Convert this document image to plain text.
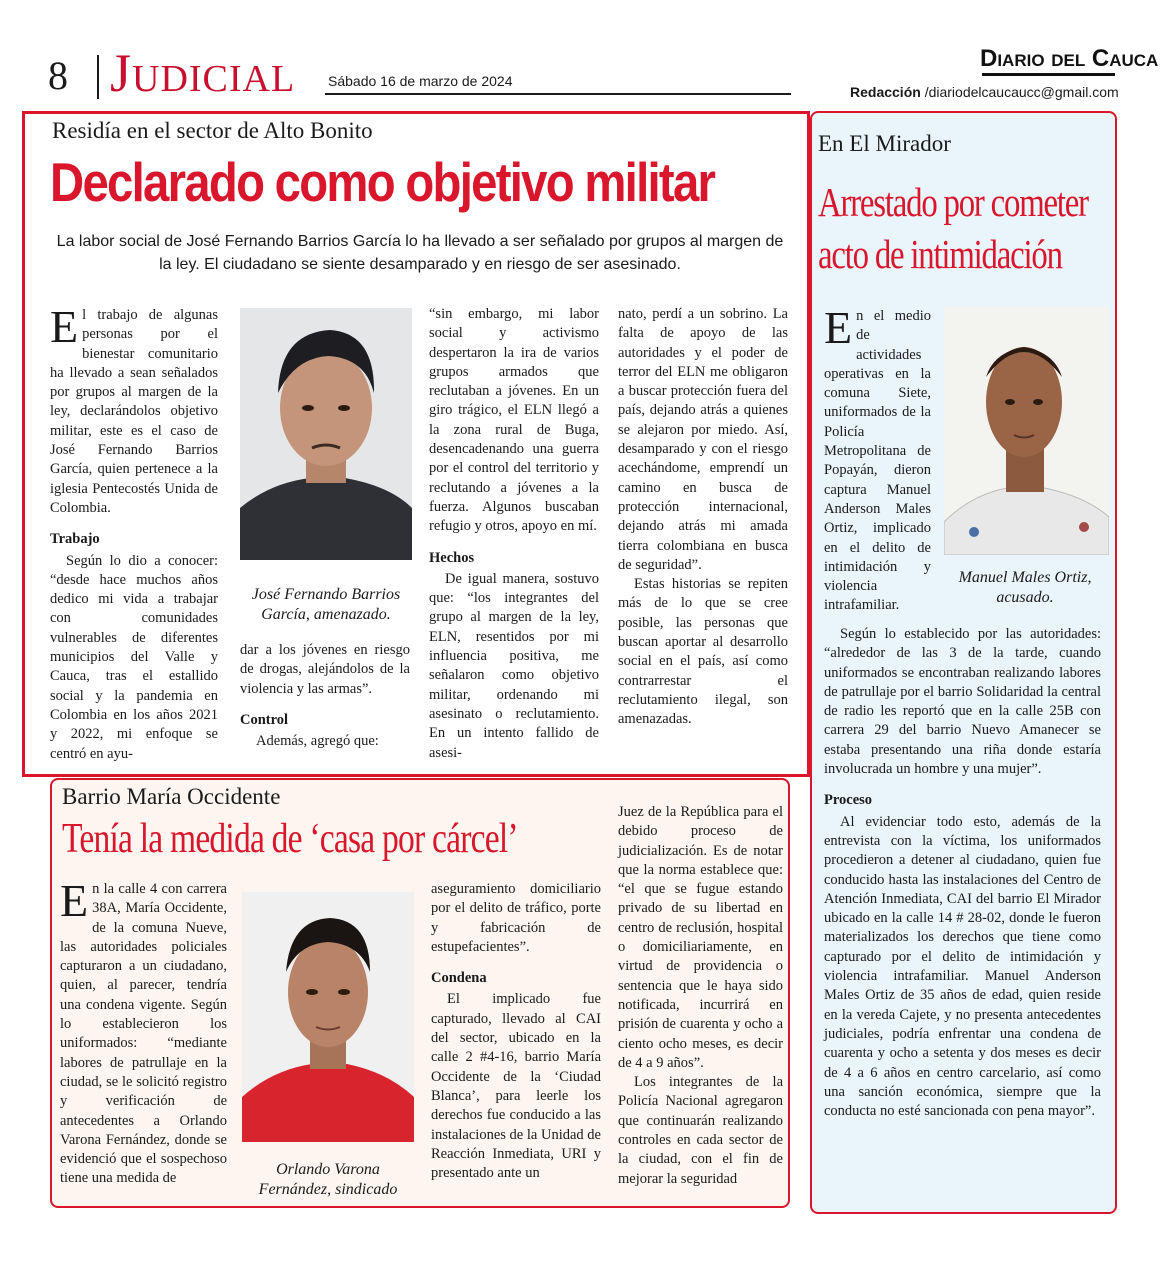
8 Judicial Sábado 16 de marzo de 2024
Diario del Cauca
Redacción /diariodelcaucaucc@gmail.com
En El Mirador
Arrestado por cometer
acto de intimidación
Manuel Males Ortiz, acusado.

En el medio de actividades operativas en la comuna Siete, uniformados de la Policía Metropolitana de Popayán, dieron captura Manuel Anderson Males Ortiz, implicado en el delito de intimidación y violencia intrafamiliar.

Según lo establecido por las autoridades: “alrededor de las 3 de la tarde, cuando uniformados se encontraban realizando labores de patrullaje por el barrio Solidaridad la central de radio les reportó que en la calle 25B con carrera 29 del barrio Nuevo Amanecer se estaba presentando una riña donde estaría involucrada un hombre y una mujer”.

Proceso

Al evidenciar todo esto, además de la entrevista con la víctima, los uniformados procedieron a detener al ciudadano, quien fue conducido hasta las instalaciones del Centro de Atención Inmediata, CAI del barrio El Mirador ubicado en la calle 14 # 28-02, donde le fueron materializados los derechos que tiene como capturado por el delito de intimidación y violencia intrafamiliar. Manuel Anderson Males Ortiz de 35 años de edad, quien reside en la vereda Cajete, y no presenta antecedentes judiciales, podría enfrentar una condena de cuarenta y ocho a setenta y dos meses es decir de 4 a 6 años en centro carcelario, así como una sanción económica, siempre que la conducta no esté sancionada con pena mayor”.

Residía en el sector de Alto Bonito
Declarado como objetivo militar
La labor social de José Fernando Barrios García lo ha llevado a ser señalado por grupos al margen de la ley. El ciudadano se siente desamparado y en riesgo de ser asesinado.

El trabajo de algunas personas por el bienestar comunitario ha llevado a sean señalados por grupos al margen de la ley, declarándolos objetivo militar, este es el caso de José Fernando Barrios García, quien pertenece a la iglesia Pentecostés Unida de Colombia.

Trabajo

Según lo dio a conocer: “desde hace muchos años dedico mi vida a trabajar con comunidades vulnerables de diferentes municipios del Valle y Cauca, tras el estallido social y la pandemia en Colombia en los años 2021 y 2022, mi enfoque se centró en ayu-

José Fernando Barrios García, amenazado.

dar a los jóvenes en riesgo de drogas, alejándolos de la violencia y las armas”.

Control

Además, agregó que:

“sin embargo, mi labor social y activismo despertaron la ira de varios grupos armados que reclutaban a jóvenes. En un giro trágico, el ELN llegó a la zona rural de Buga, desencadenando una guerra por el control del territorio y reclutando a jóvenes a la fuerza. Algunos buscaban refugio y otros, apoyo en mí.

Hechos

De igual manera, sostuvo que: “los integrantes del grupo al margen de la ley, ELN, resentidos por mi influencia positiva, me señalaron como objetivo militar, ordenando mi asesinato o reclutamiento. En un intento fallido de asesi-

nato, perdí a un sobrino. La falta de apoyo de las autoridades y el poder de terror del ELN me obligaron a buscar protección fuera del país, dejando atrás a quienes se alejaron por miedo. Así, desamparado y con el riesgo acechándome, emprendí un camino en busca de protección internacional, dejando atrás mi amada tierra colombiana en busca de seguridad”.

Estas historias se repiten más de lo que se cree posible, las personas que buscan aportar al desarrollo social en el país, así como contrarrestar el reclutamiento ilegal, son amenazadas.

Barrio María Occidente
Tenía la medida de ‘casa por cárcel’

En la calle 4 con carrera 38A, María Occidente, de la comuna Nueve, las autoridades policiales capturaron a un ciudadano, quien, al parecer, tendría una condena vigente. Según lo establecieron los uniformados: “mediante labores de patrullaje en la ciudad, se le solicitó registro y verificación de antecedentes a Orlando Varona Fernández, donde se evidenció que el sospechoso tiene una medida de

Orlando Varona Fernández, sindicado

aseguramiento domiciliario por el delito de tráfico, porte y fabricación de estupefacientes”.

Condena

El implicado fue capturado, llevado al CAI del sector, ubicado en la calle 2 #4-16, barrio María Occidente de la ‘Ciudad Blanca’, para leerle los derechos fue conducido a las instalaciones de la Unidad de Reacción Inmediata, URI y presentado ante un

Juez de la República para el debido proceso de judicialización. Es de notar que la norma establece que: “el que se fugue estando privado de su libertad en centro de reclusión, hospital o domiciliariamente, en virtud de providencia o sentencia que le haya sido notificada, incurrirá en prisión de cuarenta y ocho a ciento ocho meses, es decir de 4 a 9 años”.

Los integrantes de la Policía Nacional agregaron que continuarán realizando controles en cada sector de la ciudad, con el fin de mejorar la seguridad
